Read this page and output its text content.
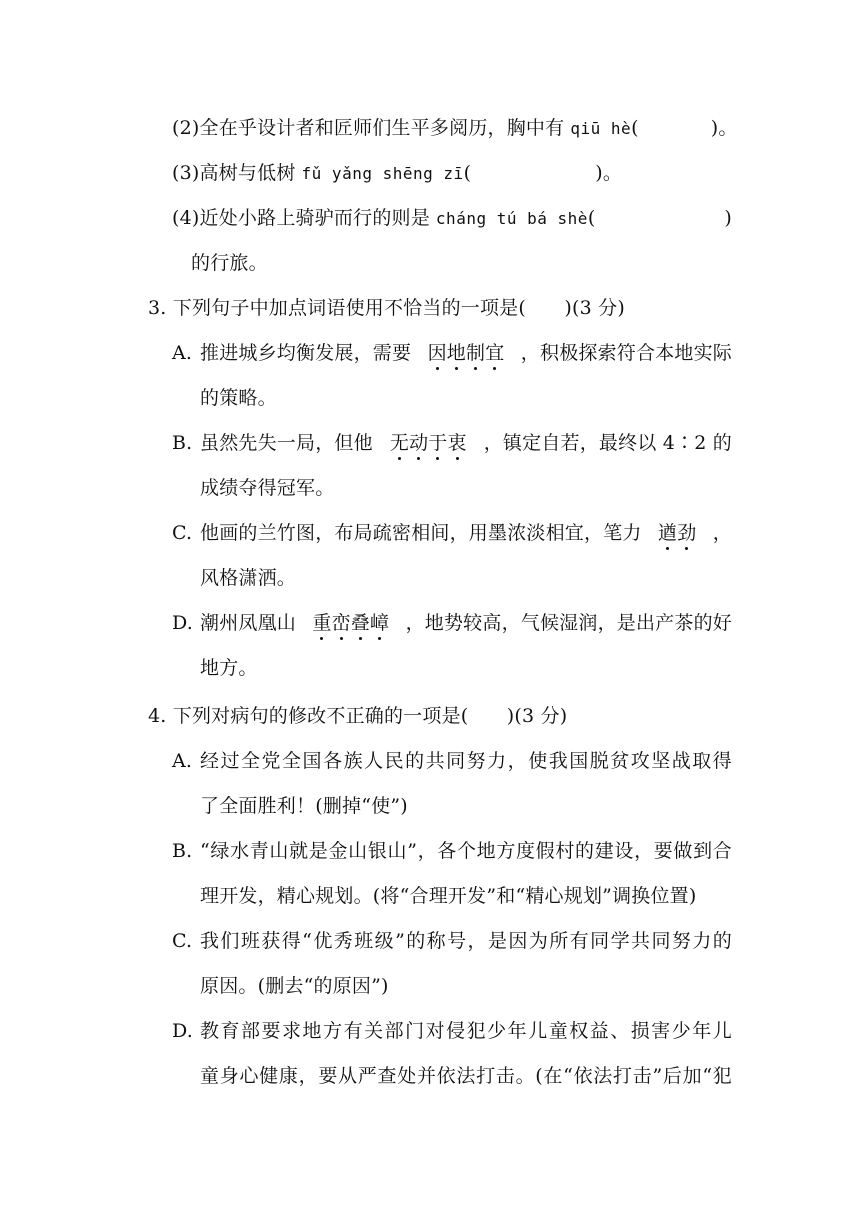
(2)全在乎设计者和匠师们生平多阅历，胸中有 qiū hè(	)。
(3)高树与低树 fǔ yǎng shēng zī(	)。
(4)近处小路上骑驴而行的则是 cháng tú bá shè(	)
的行旅。
3. 下列句子中加点词语使用不恰当的一项是(　　)(3 分)
A. 推进城乡均衡发展，需要 因地制宜 ，积极探索符合本地实际
的策略。
B. 虽然先失一局，但他 无动于衷 ，镇定自若，最终以 4∶2 的
成绩夺得冠军。
C. 他画的兰竹图，布局疏密相间，用墨浓淡相宜，笔力 遒劲 ，
风格潇洒。
D. 潮州凤凰山 重峦叠嶂 ，地势较高，气候湿润，是出产茶的好
地方。
4. 下列对病句的修改不正确的一项是(　　)(3 分)
A. 经过全党全国各族人民的共同努力，使我国脱贫攻坚战取得
了全面胜利！(删掉“使”)
B. “绿水青山就是金山银山”，各个地方度假村的建设，要做到合
理开发，精心规划。(将“合理开发”和“精心规划”调换位置)
C. 我们班获得“优秀班级”的称号，是因为所有同学共同努力的
原因。(删去“的原因”)
D. 教育部要求地方有关部门对侵犯少年儿童权益、损害少年儿
童身心健康，要从严查处并依法打击。(在“依法打击”后加“犯
